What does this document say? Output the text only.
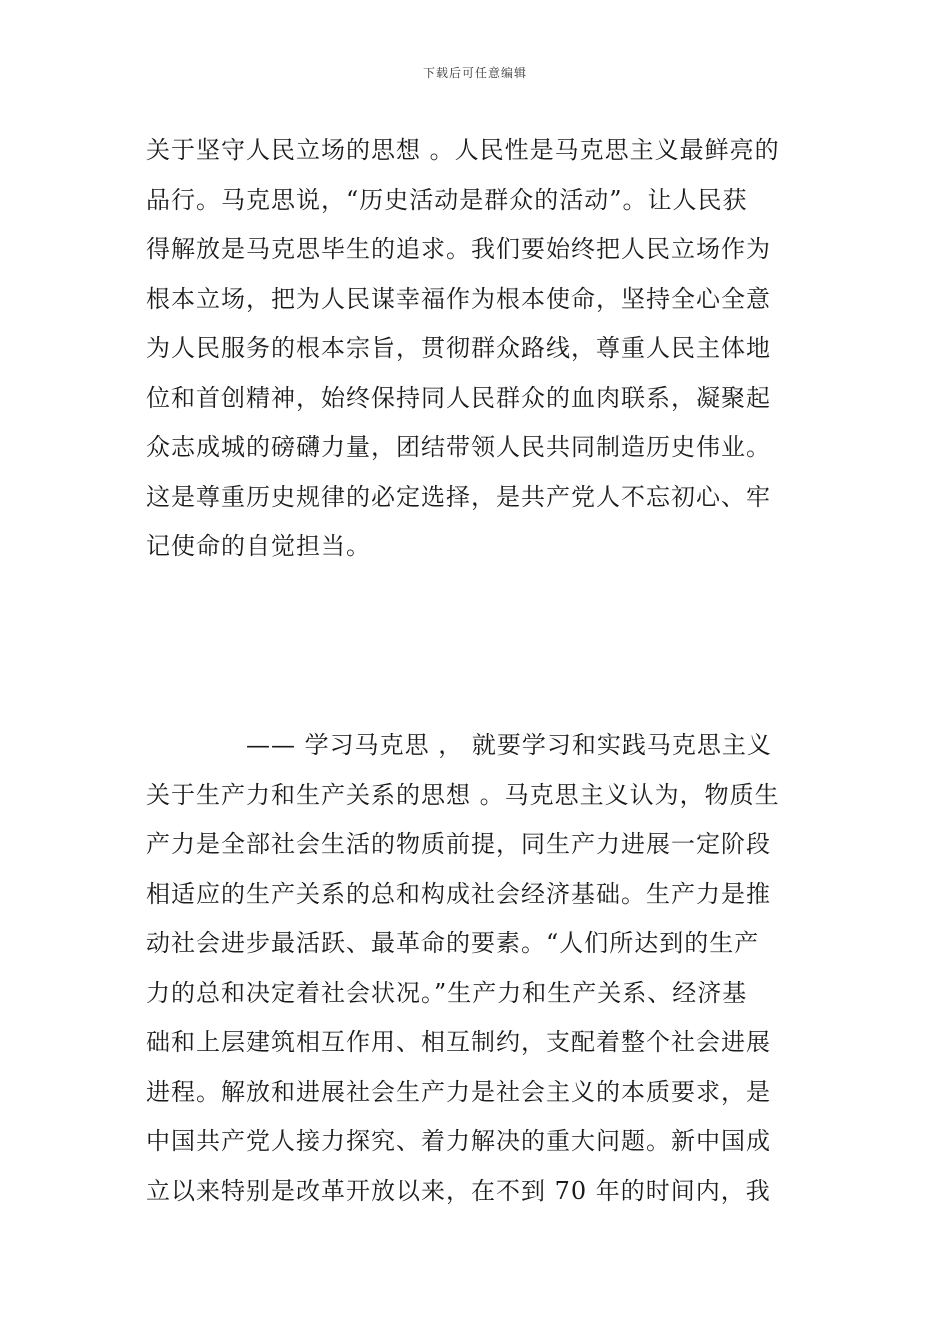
下载后可任意编辑
关于坚守人民立场的思想 。人民性是马克思主义最鲜亮的
品行。马克思说，“历史活动是群众的活动”。让人民获
得解放是马克思毕生的追求。我们要始终把人民立场作为
根本立场，把为人民谋幸福作为根本使命，坚持全心全意
为人民服务的根本宗旨，贯彻群众路线，尊重人民主体地
位和首创精神，始终保持同人民群众的血肉联系，凝聚起
众志成城的磅礴力量，团结带领人民共同制造历史伟业。
这是尊重历史规律的必定选择，是共产党人不忘初心、牢
记使命的自觉担当。
—— 学习马克思 ， 就要学习和实践马克思主义
关于生产力和生产关系的思想 。马克思主义认为，物质生
产力是全部社会生活的物质前提，同生产力进展一定阶段
相适应的生产关系的总和构成社会经济基础。生产力是推
动社会进步最活跃、最革命的要素。“人们所达到的生产
力的总和决定着社会状况。”生产力和生产关系、经济基
础和上层建筑相互作用、相互制约，支配着整个社会进展
进程。解放和进展社会生产力是社会主义的本质要求，是
中国共产党人接力探究、着力解决的重大问题。新中国成
立以来特别是改革开放以来，在不到 70 年的时间内，我
